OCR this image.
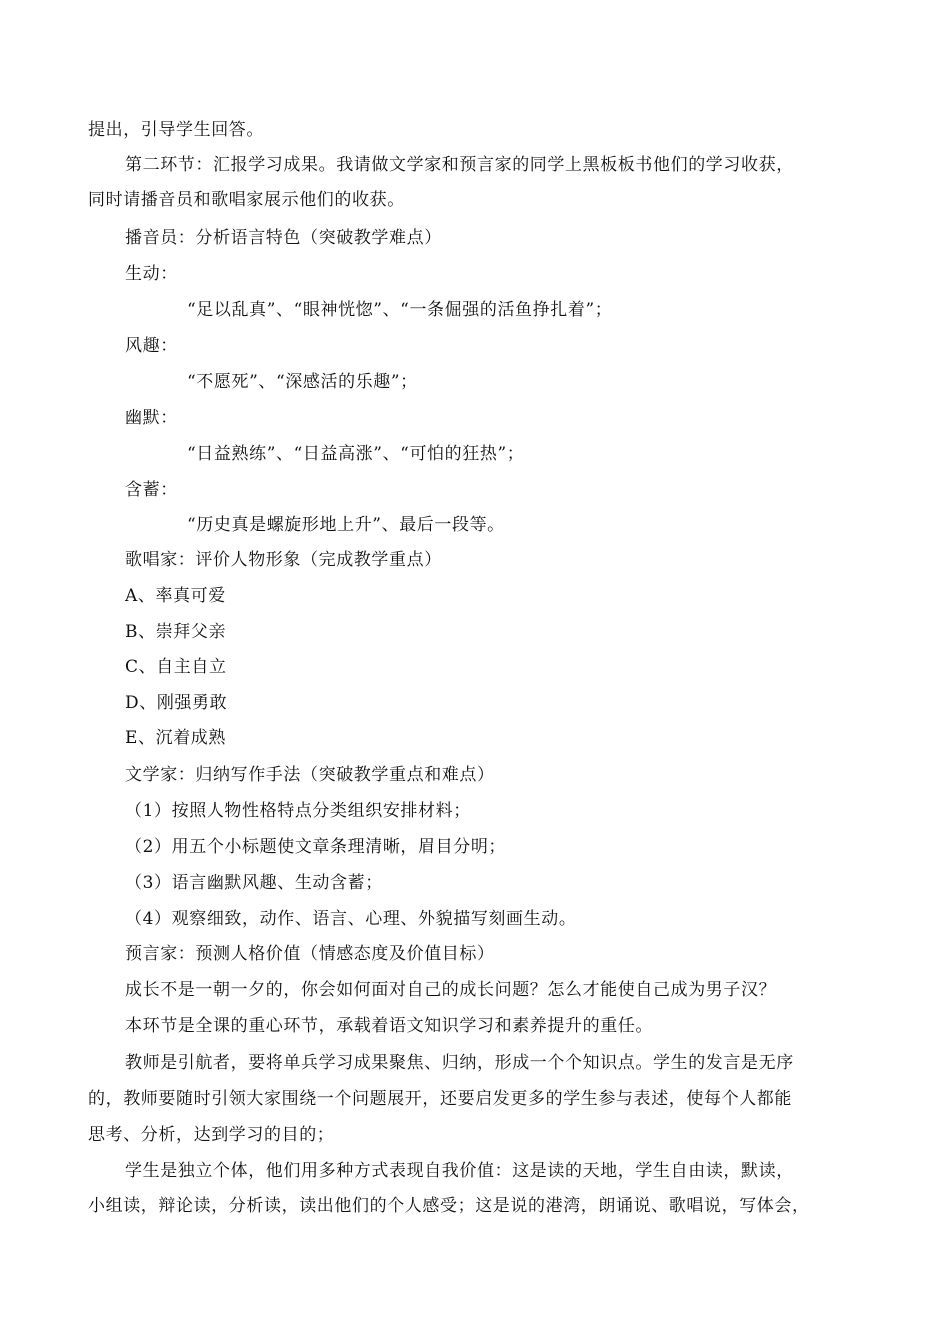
提出，引导学生回答。
第二环节：汇报学习成果。我请做文学家和预言家的同学上黑板板书他们的学习收获，
同时请播音员和歌唱家展示他们的收获。
播音员：分析语言特色（突破教学难点）
生动：
“足以乱真”、“眼神恍惚”、“一条倔强的活鱼挣扎着”；
风趣：
“不愿死”、“深感活的乐趣”；
幽默：
“日益熟练”、“日益高涨”、“可怕的狂热”；
含蓄：
“历史真是螺旋形地上升”、最后一段等。
歌唱家：评价人物形象（完成教学重点）
A、率真可爱
B、崇拜父亲
C、自主自立
D、刚强勇敢
E、沉着成熟
文学家：归纳写作手法（突破教学重点和难点）
（1）按照人物性格特点分类组织安排材料；
（2）用五个小标题使文章条理清晰，眉目分明；
（3）语言幽默风趣、生动含蓄；
（4）观察细致，动作、语言、心理、外貌描写刻画生动。
预言家：预测人格价值（情感态度及价值目标）
成长不是一朝一夕的，你会如何面对自己的成长问题？怎么才能使自己成为男子汉？
本环节是全课的重心环节，承载着语文知识学习和素养提升的重任。
教师是引航者，要将单兵学习成果聚焦、归纳，形成一个个知识点。学生的发言是无序
的，教师要随时引领大家围绕一个问题展开，还要启发更多的学生参与表述，使每个人都能
思考、分析，达到学习的目的；
学生是独立个体，他们用多种方式表现自我价值：这是读的天地，学生自由读，默读，
小组读，辩论读，分析读，读出他们的个人感受；这是说的港湾，朗诵说、歌唱说，写体会，
